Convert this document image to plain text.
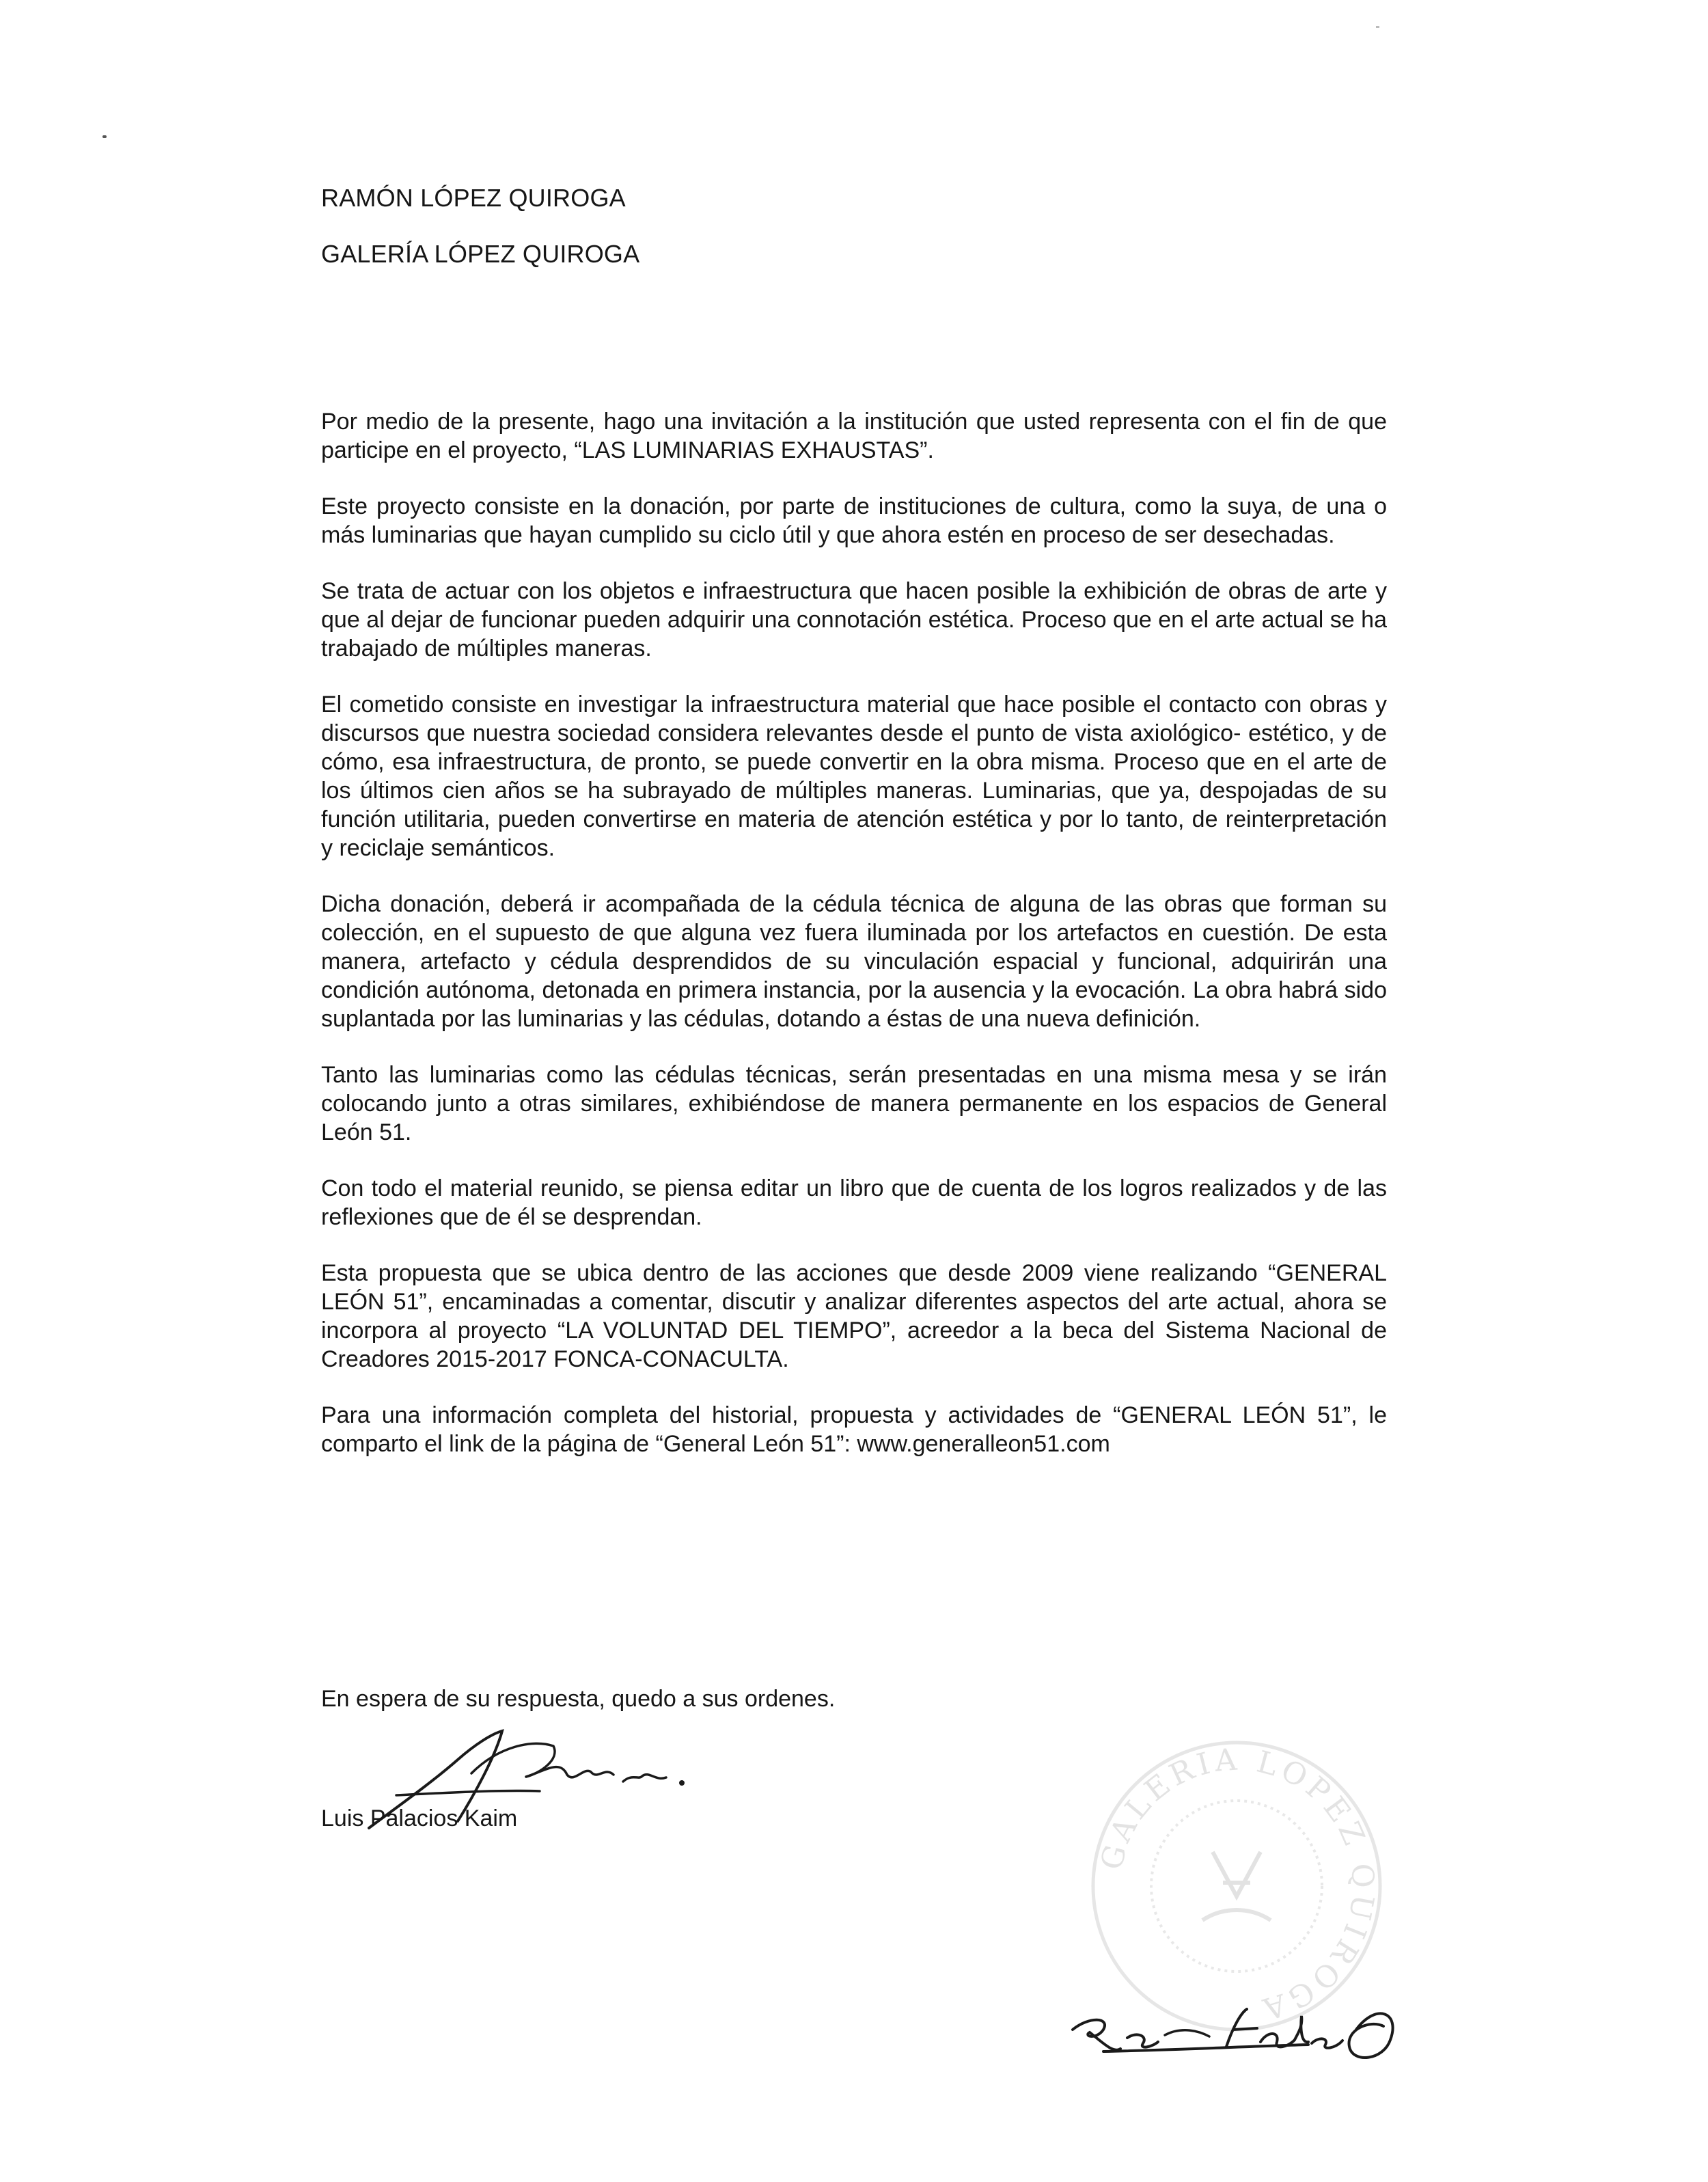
RAMÓN LÓPEZ QUIROGA
GALERÍA LÓPEZ QUIROGA

Por medio de la presente, hago una invitación a la institución que usted representa con el fin de que participe en el proyecto, “LAS LUMINARIAS EXHAUSTAS”.

Este proyecto consiste en la donación, por parte de instituciones de cultura, como la suya, de una o más luminarias que hayan cumplido su ciclo útil y que ahora estén en proceso de ser desechadas.

Se trata de actuar con los objetos e infraestructura que hacen posible la exhibición de obras de arte y que al dejar de funcionar pueden adquirir una connotación estética. Proceso que en el arte actual se ha trabajado de múltiples maneras.

El cometido consiste en investigar la infraestructura material que hace posible el contacto con obras y discursos que nuestra sociedad considera relevantes desde el punto de vista axiológico- estético, y de cómo, esa infraestructura, de pronto, se puede convertir en la obra misma. Proceso que en el arte de los últimos cien años se ha subrayado de múltiples maneras. Luminarias, que ya, despojadas de su función utilitaria, pueden convertirse en materia de atención estética y por lo tanto, de reinterpretación y reciclaje semánticos.

Dicha donación, deberá ir acompañada de la cédula técnica de alguna de las obras que forman su colección, en el supuesto de que alguna vez fuera iluminada por los artefactos en cuestión. De esta manera, artefacto y cédula desprendidos de su vinculación espacial y funcional, adquirirán una condición autónoma, detonada en primera instancia, por la ausencia y la evocación. La obra habrá sido suplantada por las luminarias y las cédulas, dotando a éstas de una nueva definición.

Tanto las luminarias como las cédulas técnicas, serán presentadas en una misma mesa y se irán colocando junto a otras similares, exhibiéndose de manera permanente en los espacios de General León 51.

Con todo el material reunido, se piensa editar un libro que de cuenta de los logros realizados y de las reflexiones que de él se desprendan.

Esta propuesta que se ubica dentro de las acciones que desde 2009 viene realizando “GENERAL LEÓN 51”, encaminadas a comentar, discutir y analizar diferentes aspectos del arte actual, ahora se incorpora al proyecto “LA VOLUNTAD DEL TIEMPO”, acreedor a la beca del Sistema Nacional de Creadores 2015-2017 FONCA-CONACULTA.

Para una información completa del historial, propuesta y actividades de “GENERAL LEÓN 51”, le comparto el link de la página de “General León 51”: www.generalleon51.com

En espera de su respuesta, quedo a sus ordenes.
Luis Palacios Kaim
GALERIA LOPEZ QUIROGA
